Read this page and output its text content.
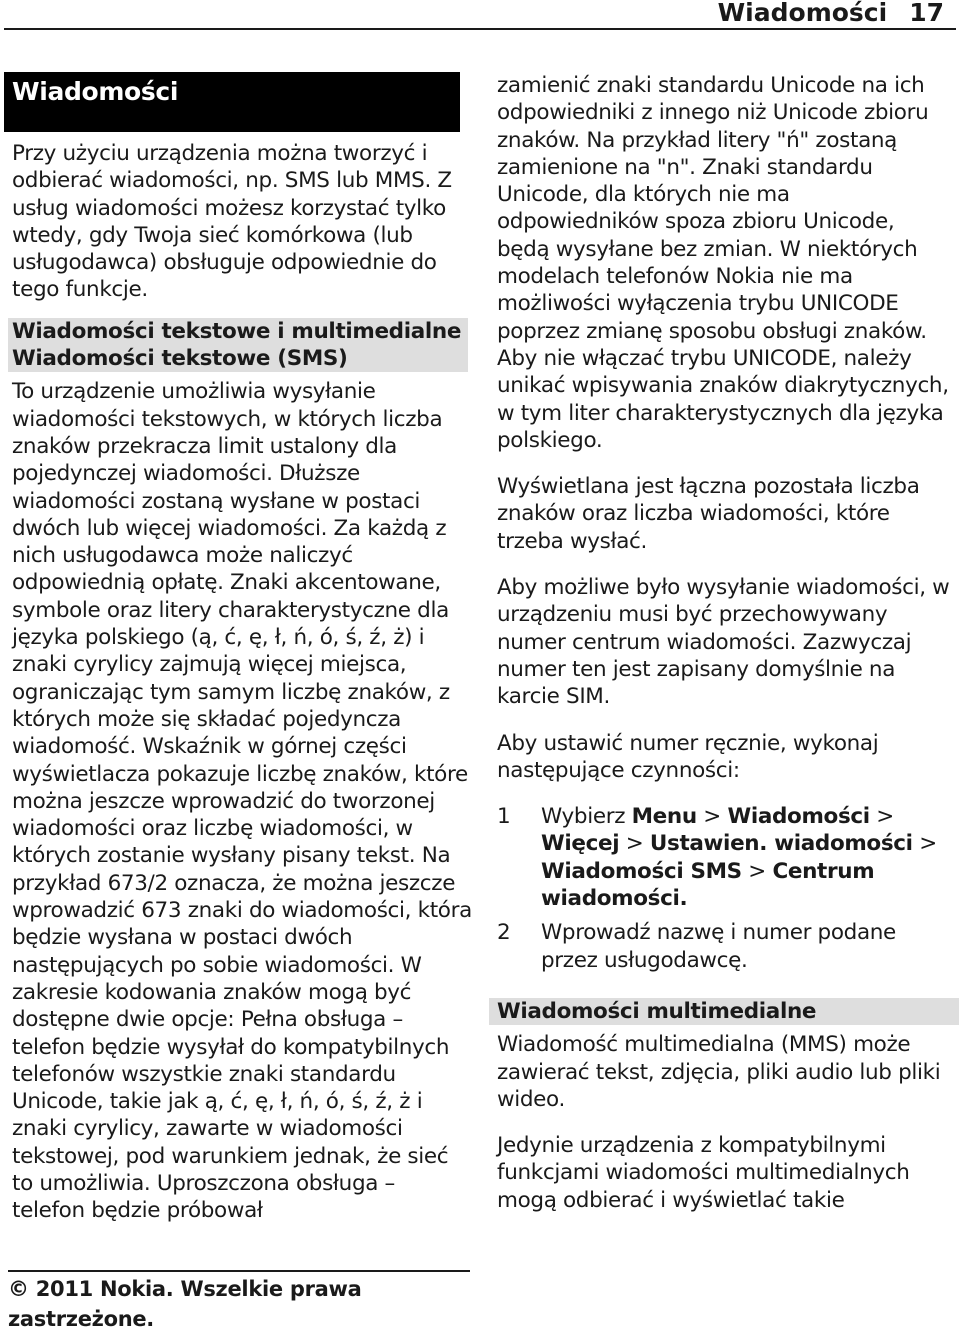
Wiadomości 17
Wiadomości
Przy użyciu urządzenia można tworzyć i odbierać wiadomości, np. SMS lub MMS. Z usług wiadomości możesz korzystać tylko wtedy, gdy Twoja sieć komórkowa (lub usługodawca) obsługuje odpowiednie do tego funkcje.
Wiadomości tekstowe i multimedialne
Wiadomości tekstowe (SMS)
To urządzenie umożliwia wysyłanie wiadomości tekstowych, w których liczba znaków przekracza limit ustalony dla pojedynczej wiadomości. Dłuższe wiadomości zostaną wysłane w postaci dwóch lub więcej wiadomości. Za każdą z nich usługodawca może naliczyć odpowiednią opłatę. Znaki akcentowane, symbole oraz litery charakterystyczne dla języka polskiego (ą, ć, ę, ł, ń, ó, ś, ź, ż) i znaki cyrylicy zajmują więcej miejsca, ograniczając tym samym liczbę znaków, z których może się składać pojedyncza wiadomość. Wskaźnik w górnej części wyświetlacza pokazuje liczbę znaków, które można jeszcze wprowadzić do tworzonej wiadomości oraz liczbę wiadomości, w których zostanie wysłany pisany tekst. Na przykład 673/2 oznacza, że można jeszcze wprowadzić 673 znaki do wiadomości, która będzie wysłana w postaci dwóch następujących po sobie wiadomości. W zakresie kodowania znaków mogą być dostępne dwie opcje: Pełna obsługa – telefon będzie wysyłał do kompatybilnych telefonów wszystkie znaki standardu Unicode, takie jak ą, ć, ę, ł, ń, ó, ś, ź, ż i znaki cyrylicy, zawarte w wiadomości tekstowej, pod warunkiem jednak, że sieć to umożliwia. Uproszczona obsługa – telefon będzie próbował
zamienić znaki standardu Unicode na ich odpowiedniki z innego niż Unicode zbioru znaków. Na przykład litery "ń" zostaną zamienione na "n". Znaki standardu Unicode, dla których nie ma odpowiedników spoza zbioru Unicode, będą wysyłane bez zmian. W niektórych modelach telefonów Nokia nie ma możliwości wyłączenia trybu UNICODE poprzez zmianę sposobu obsługi znaków. Aby nie włączać trybu UNICODE, należy unikać wpisywania znaków diakrytycznych, w tym liter charakterystycznych dla języka polskiego.
Wyświetlana jest łączna pozostała liczba znaków oraz liczba wiadomości, które trzeba wysłać.
Aby możliwe było wysyłanie wiadomości, w urządzeniu musi być przechowywany numer centrum wiadomości. Zazwyczaj numer ten jest zapisany domyślnie na karcie SIM.
Aby ustawić numer ręcznie, wykonaj następujące czynności:
1	Wybierz Menu > Wiadomości > Więcej > Ustawien. wiadomości > Wiadomości SMS > Centrum wiadomości.
2	Wprowadź nazwę i numer podane przez usługodawcę.
Wiadomości multimedialne
Wiadomość multimedialna (MMS) może zawierać tekst, zdjęcia, pliki audio lub pliki wideo.
Jedynie urządzenia z kompatybilnymi funkcjami wiadomości multimedialnych mogą odbierać i wyświetlać takie
© 2011 Nokia. Wszelkie prawa zastrzeżone.
